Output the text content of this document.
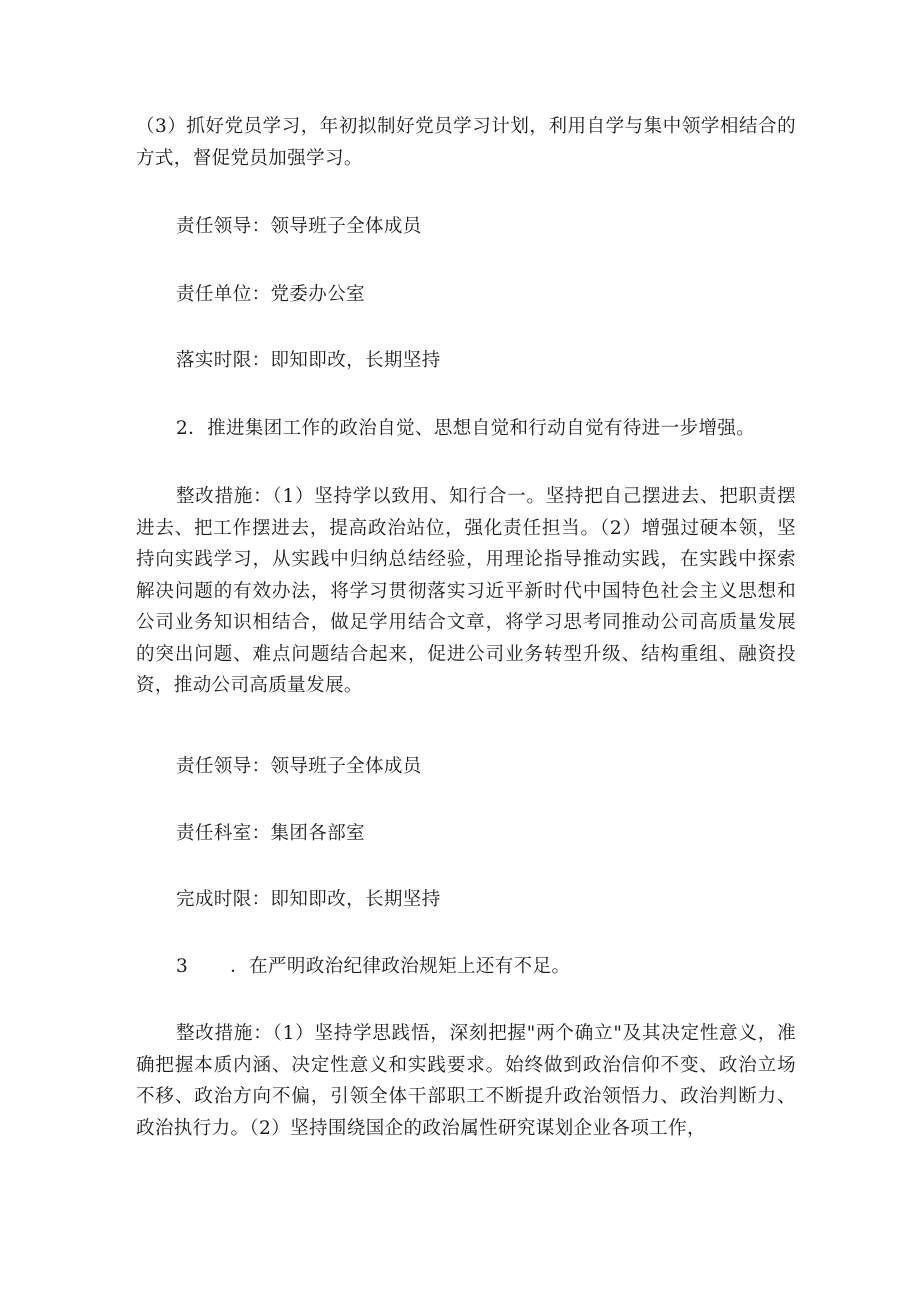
（3）抓好党员学习，年初拟制好党员学习计划，利用自学与集中领学相结合的方式，督促党员加强学习。

责任领导：领导班子全体成员

责任单位：党委办公室

落实时限：即知即改，长期坚持

2．推进集团工作的政治自觉、思想自觉和行动自觉有待进一步增强。

整改措施：（1）坚持学以致用、知行合一。坚持把自己摆进去、把职责摆进去、把工作摆进去，提高政治站位，强化责任担当。（2）增强过硬本领，坚持向实践学习，从实践中归纳总结经验，用理论指导推动实践，在实践中探索解决问题的有效办法，将学习贯彻落实习近平新时代中国特色社会主义思想和公司业务知识相结合，做足学用结合文章，将学习思考同推动公司高质量发展的突出问题、难点问题结合起来，促进公司业务转型升级、结构重组、融资投资，推动公司高质量发展。

责任领导：领导班子全体成员

责任科室：集团各部室

完成时限：即知即改，长期坚持

3 ．在严明政治纪律政治规矩上还有不足。

整改措施：（1）坚持学思践悟，深刻把握"两个确立"及其决定性意义，准确把握本质内涵、决定性意义和实践要求。始终做到政治信仰不变、政治立场不移、政治方向不偏，引领全体干部职工不断提升政治领悟力、政治判断力、政治执行力。（2）坚持围绕国企的政治属性研究谋划企业各项工作，
